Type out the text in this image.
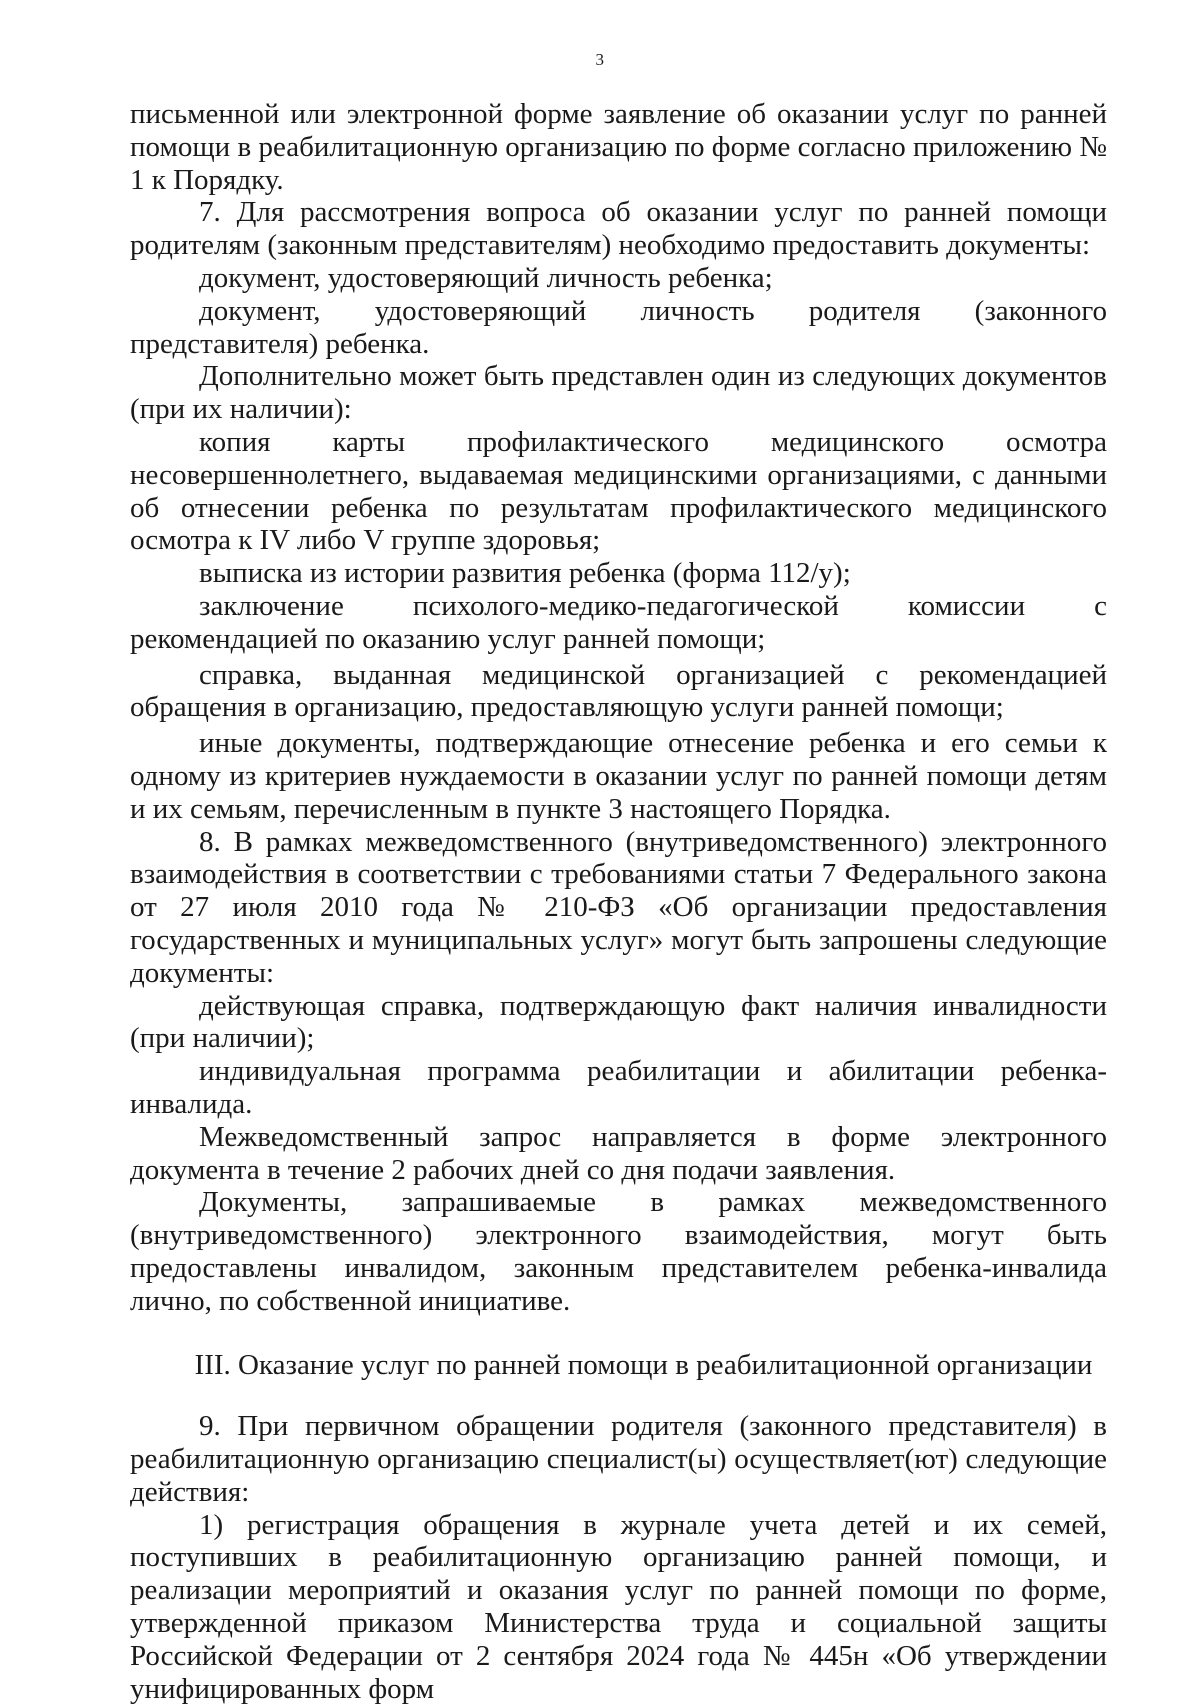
3

письменной или электронной форме заявление об оказании услуг по ранней помощи в реабилитационную организацию по форме согласно приложению № 1 к Порядку.

7. Для рассмотрения вопроса об оказании услуг по ранней помощи родителям (законным представителям) необходимо предоставить документы:

документ, удостоверяющий личность ребенка;

документ, удостоверяющий личность родителя (законного представителя) ребенка.

Дополнительно может быть представлен один из следующих документов (при их наличии):

копия карты профилактического медицинского осмотра несовершеннолетнего, выдаваемая медицинскими организациями, с данными об отнесении ребенка по результатам профилактического медицинского осмотра к IV либо V группе здоровья;

выписка из истории развития ребенка (форма 112/у);

заключение психолого-медико-педагогической комиссии с рекомендацией по оказанию услуг ранней помощи;

справка, выданная медицинской организацией с рекомендацией обращения в организацию, предоставляющую услуги ранней помощи;

иные документы, подтверждающие отнесение ребенка и его семьи к одному из критериев нуждаемости в оказании услуг по ранней помощи детям и их семьям, перечисленным в пункте 3 настоящего Порядка.

8. В рамках межведомственного (внутриведомственного) электронного взаимодействия в соответствии с требованиями статьи 7 Федерального закона от 27 июля 2010 года № 210-ФЗ «Об организации предоставления государственных и муниципальных услуг» могут быть запрошены следующие документы:

действующая справка, подтверждающую факт наличия инвалидности (при наличии);

индивидуальная программа реабилитации и абилитации ребенка-инвалида.

Межведомственный запрос направляется в форме электронного документа в течение 2 рабочих дней со дня подачи заявления.

Документы, запрашиваемые в рамках межведомственного (внутриведомственного) электронного взаимодействия, могут быть предоставлены инвалидом, законным представителем ребенка-инвалида лично, по собственной инициативе.

III. Оказание услуг по ранней помощи в реабилитационной организации

9. При первичном обращении родителя (законного представителя) в реабилитационную организацию специалист(ы) осуществляет(ют) следующие действия:

1) регистрация обращения в журнале учета детей и их семей, поступивших в реабилитационную организацию ранней помощи, и реализации мероприятий и оказания услуг по ранней помощи по форме, утвержденной приказом Министерства труда и социальной защиты Российской Федерации от 2 сентября 2024 года № 445н «Об утверждении унифицированных форм
